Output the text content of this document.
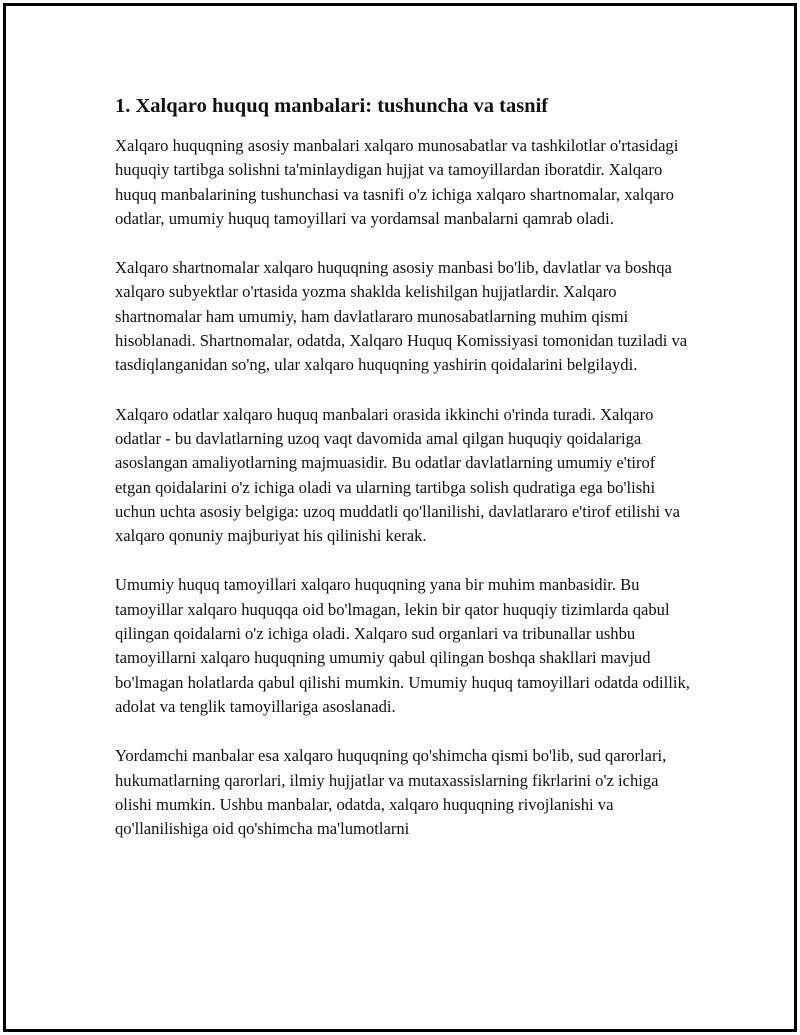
1. Xalqaro huquq manbalari: tushuncha va tasnif

Xalqaro huquqning asosiy manbalari xalqaro munosabatlar va tashkilotlar o'rtasidagi huquqiy tartibga solishni ta'minlaydigan hujjat va tamoyillardan iboratdir. Xalqaro huquq manbalarining tushunchasi va tasnifi o'z ichiga xalqaro shartnomalar, xalqaro odatlar, umumiy huquq tamoyillari va yordamsal manbalarni qamrab oladi.

Xalqaro shartnomalar xalqaro huquqning asosiy manbasi bo'lib, davlatlar va boshqa xalqaro subyektlar o'rtasida yozma shaklda kelishilgan hujjatlardir. Xalqaro shartnomalar ham umumiy, ham davlatlararo munosabatlarning muhim qismi hisoblanadi. Shartnomalar, odatda, Xalqaro Huquq Komissiyasi tomonidan tuziladi va tasdiqlanganidan so'ng, ular xalqaro huquqning yashirin qoidalarini belgilaydi.

Xalqaro odatlar xalqaro huquq manbalari orasida ikkinchi o'rinda turadi. Xalqaro odatlar - bu davlatlarning uzoq vaqt davomida amal qilgan huquqiy qoidalariga asoslangan amaliyotlarning majmuasidir. Bu odatlar davlatlarning umumiy e'tirof etgan qoidalarini o'z ichiga oladi va ularning tartibga solish qudratiga ega bo'lishi uchun uchta asosiy belgiga: uzoq muddatli qo'llanilishi, davlatlararo e'tirof etilishi va xalqaro qonuniy majburiyat his qilinishi kerak.

Umumiy huquq tamoyillari xalqaro huquqning yana bir muhim manbasidir. Bu tamoyillar xalqaro huquqqa oid bo'lmagan, lekin bir qator huquqiy tizimlarda qabul qilingan qoidalarni o'z ichiga oladi. Xalqaro sud organlari va tribunallar ushbu tamoyillarni xalqaro huquqning umumiy qabul qilingan boshqa shakllari mavjud bo'lmagan holatlarda qabul qilishi mumkin. Umumiy huquq tamoyillari odatda odillik, adolat va tenglik tamoyillariga asoslanadi.

Yordamchi manbalar esa xalqaro huquqning qo'shimcha qismi bo'lib, sud qarorlari, hukumatlarning qarorlari, ilmiy hujjatlar va mutaxassislarning fikrlarini o'z ichiga olishi mumkin. Ushbu manbalar, odatda, xalqaro huquqning rivojlanishi va qo'llanilishiga oid qo'shimcha ma'lumotlarni
